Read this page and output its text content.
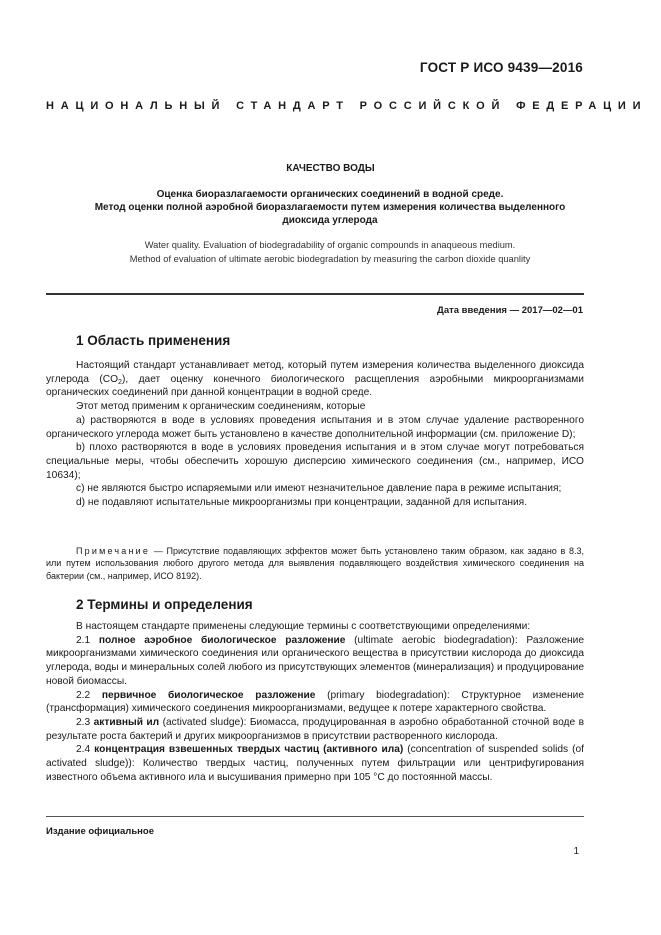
ГОСТ Р ИСО 9439—2016
НАЦИОНАЛЬНЫЙ СТАНДАРТ РОССИЙСКОЙ ФЕДЕРАЦИИ
КАЧЕСТВО ВОДЫ
Оценка биоразлагаемости органических соединений в водной среде.
Метод оценки полной аэробной биоразлагаемости путем измерения количества выделенного
диоксида углерода
Water quality. Evaluation of biodegradability of organic compounds in anaqueous medium.
Method of evaluation of ultimate aerobic biodegradation by measuring the carbon dioxide quanlity
Дата введения — 2017—02—01
1 Область применения

Настоящий стандарт устанавливает метод, который путем измерения количества выделенного диоксида углерода $(CO_2)$, дает оценку конечного биологического расщепления аэробными микроорганизмами органических соединений при данной концентрации в водной среде.

Этот метод применим к органическим соединениям, которые

a) растворяются в воде в условиях проведения испытания и в этом случае удаление растворенного органического углерода может быть установлено в качестве дополнительной информации (см. приложение D);

b) плохо растворяются в воде в условиях проведения испытания и в этом случае могут потребоваться специальные меры, чтобы обеспечить хорошую дисперсию химического соединения (см., например, ИСО 10634);

c) не являются быстро испаряемыми или имеют незначительное давление пара в режиме испытания;

d) не подавляют испытательные микроорганизмы при концентрации, заданной для испытания.

Примечание — Присутствие подавляющих эффектов может быть установлено таким образом, как задано в 8.3, или путем использования любого другого метода для выявления подавляющего воздействия химического соединения на бактерии (см., например, ИСО 8192).

2 Термины и определения

В настоящем стандарте применены следующие термины с соответствующими определениями:

2.1 полное аэробное биологическое разложение (ultimate aerobic biodegradation): Разложение микроорганизмами химического соединения или органического вещества в присутствии кислорода до диоксида углерода, воды и минеральных солей любого из присутствующих элементов (минерализация) и продуцирование новой биомассы.

2.2 первичное биологическое разложение (primary biodegradation): Структурное изменение (трансформация) химического соединения микроорганизмами, ведущее к потере характерного свойства.

2.3 активный ил (activated sludge): Биомасса, продуцированная в аэробно обработанной сточной воде в результате роста бактерий и других микроорганизмов в присутствии растворенного кислорода.

2.4 концентрация взвешенных твердых частиц (активного ила) (concentration of suspended solids (of activated sludge)): Количество твердых частиц, полученных путем фильтрации или центрифугирования известного объема активного ила и высушивания примерно при 105 °С до постоянной массы.

Издание официальное
1
